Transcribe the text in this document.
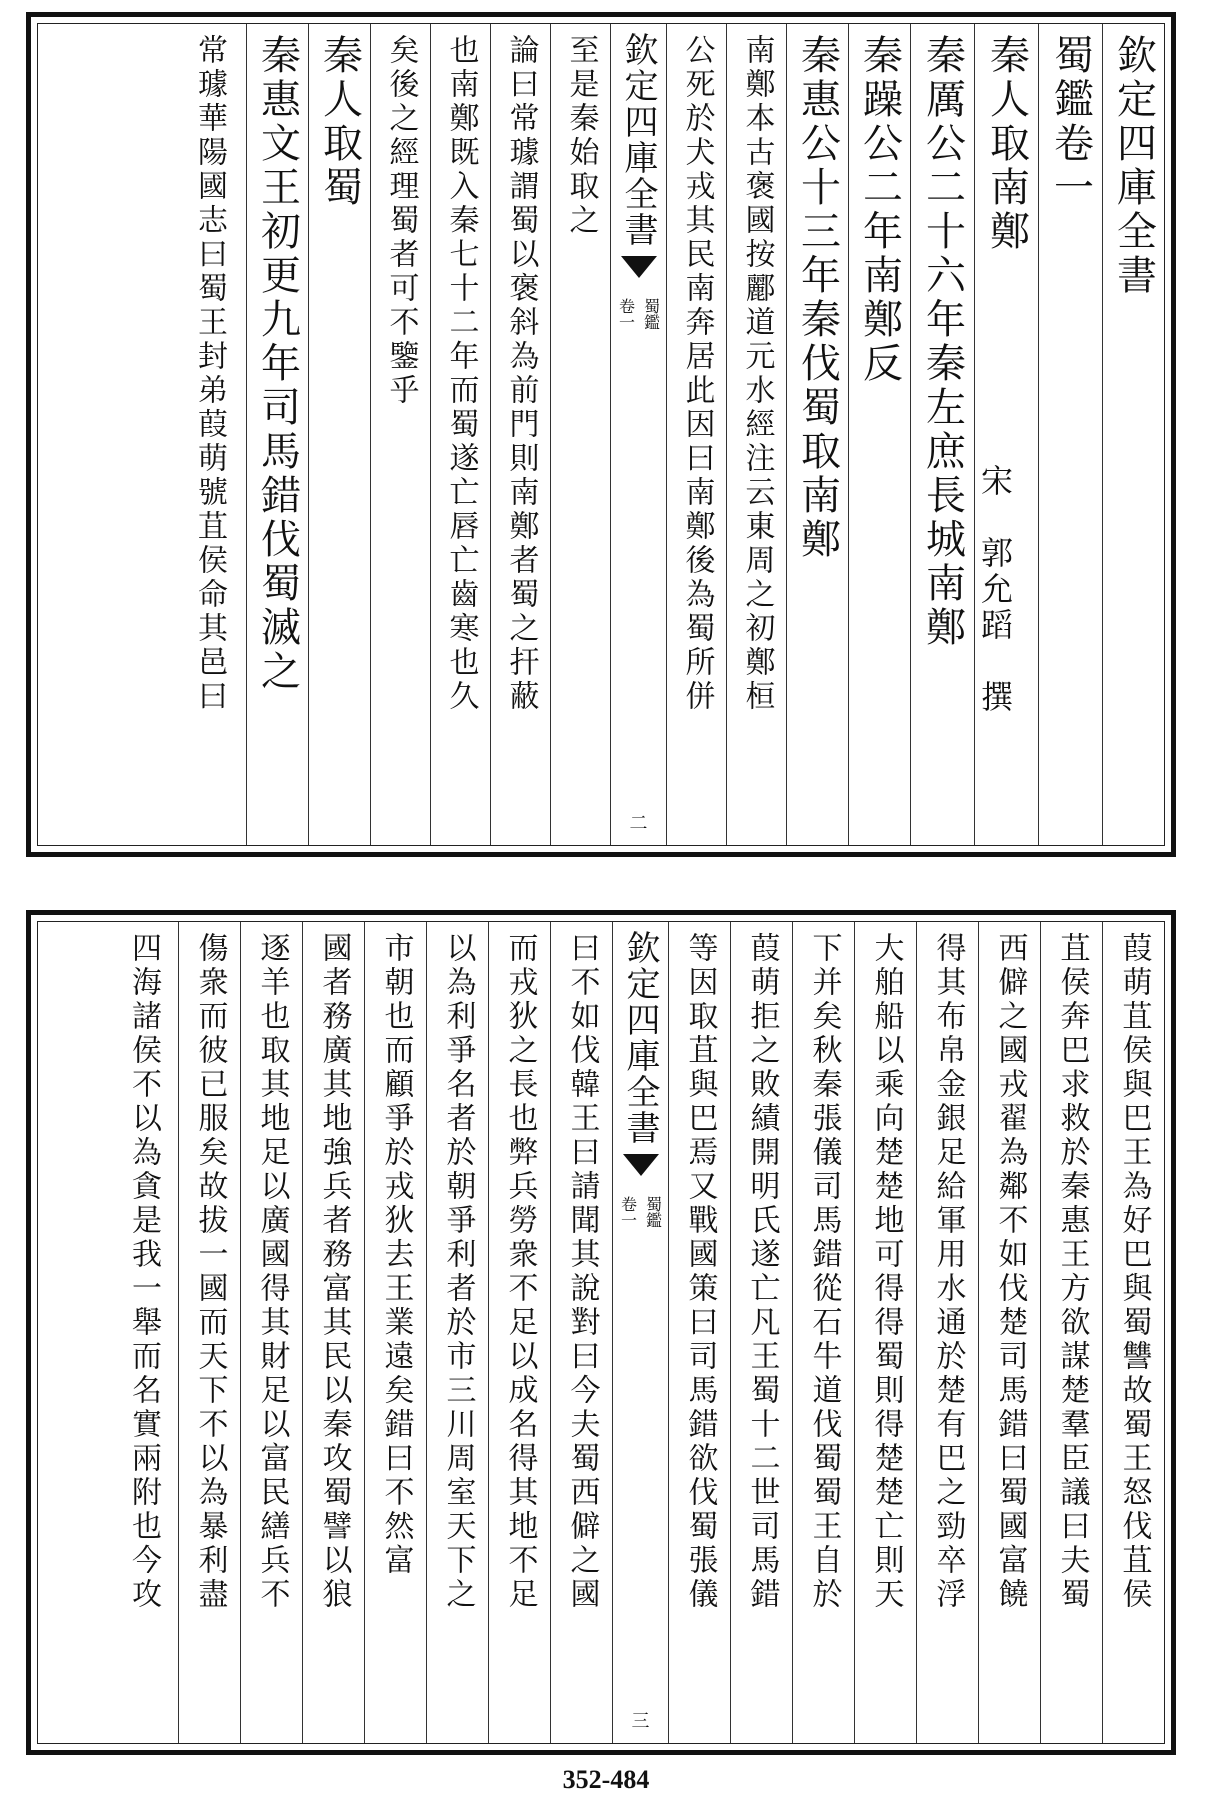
欽定四庫全書
蜀鑑卷一
秦人取南鄭
宋　郭允蹈　撰
秦厲公二十六年秦左庶長城南鄭
秦躁公二年南鄭反
秦惠公十三年秦伐蜀取南鄭
南鄭本古褒國按酈道元水經注云東周之初鄭桓
公死於犬戎其民南奔居此因曰南鄭後為蜀所併
欽定四庫全書
蜀鑑
卷一
二
至是秦始取之
論曰常璩謂蜀以褒斜為前門則南鄭者蜀之扞蔽
也南鄭既入秦七十二年而蜀遂亡唇亡齒寒也久
矣後之經理蜀者可不鑒乎
秦人取蜀
秦惠文王初更九年司馬錯伐蜀滅之
常璩華陽國志曰蜀王封弟葭萌號苴侯命其邑曰
葭萌苴侯與巴王為好巴與蜀讐故蜀王怒伐苴侯
苴侯奔巴求救於秦惠王方欲謀楚羣臣議曰夫蜀
西僻之國戎翟為鄰不如伐楚司馬錯曰蜀國富饒
得其布帛金銀足給軍用水通於楚有巴之勁卒浮
大舶船以乘向楚楚地可得得蜀則得楚楚亡則天
下并矣秋秦張儀司馬錯從石牛道伐蜀蜀王自於
葭萌拒之敗績開明氏遂亡凡王蜀十二世司馬錯
等因取苴與巴焉又戰國策曰司馬錯欲伐蜀張儀
欽定四庫全書
蜀鑑
卷一
三
曰不如伐韓王曰請聞其說對曰今夫蜀西僻之國
而戎狄之長也弊兵勞衆不足以成名得其地不足
以為利爭名者於朝爭利者於市三川周室天下之
市朝也而顧爭於戎狄去王業遠矣錯曰不然富
國者務廣其地強兵者務富其民以秦攻蜀譬以狼
逐羊也取其地足以廣國得其財足以富民繕兵不
傷衆而彼已服矣故拔一國而天下不以為暴利盡
四海諸侯不以為貪是我一舉而名實兩附也今攻
352-484
